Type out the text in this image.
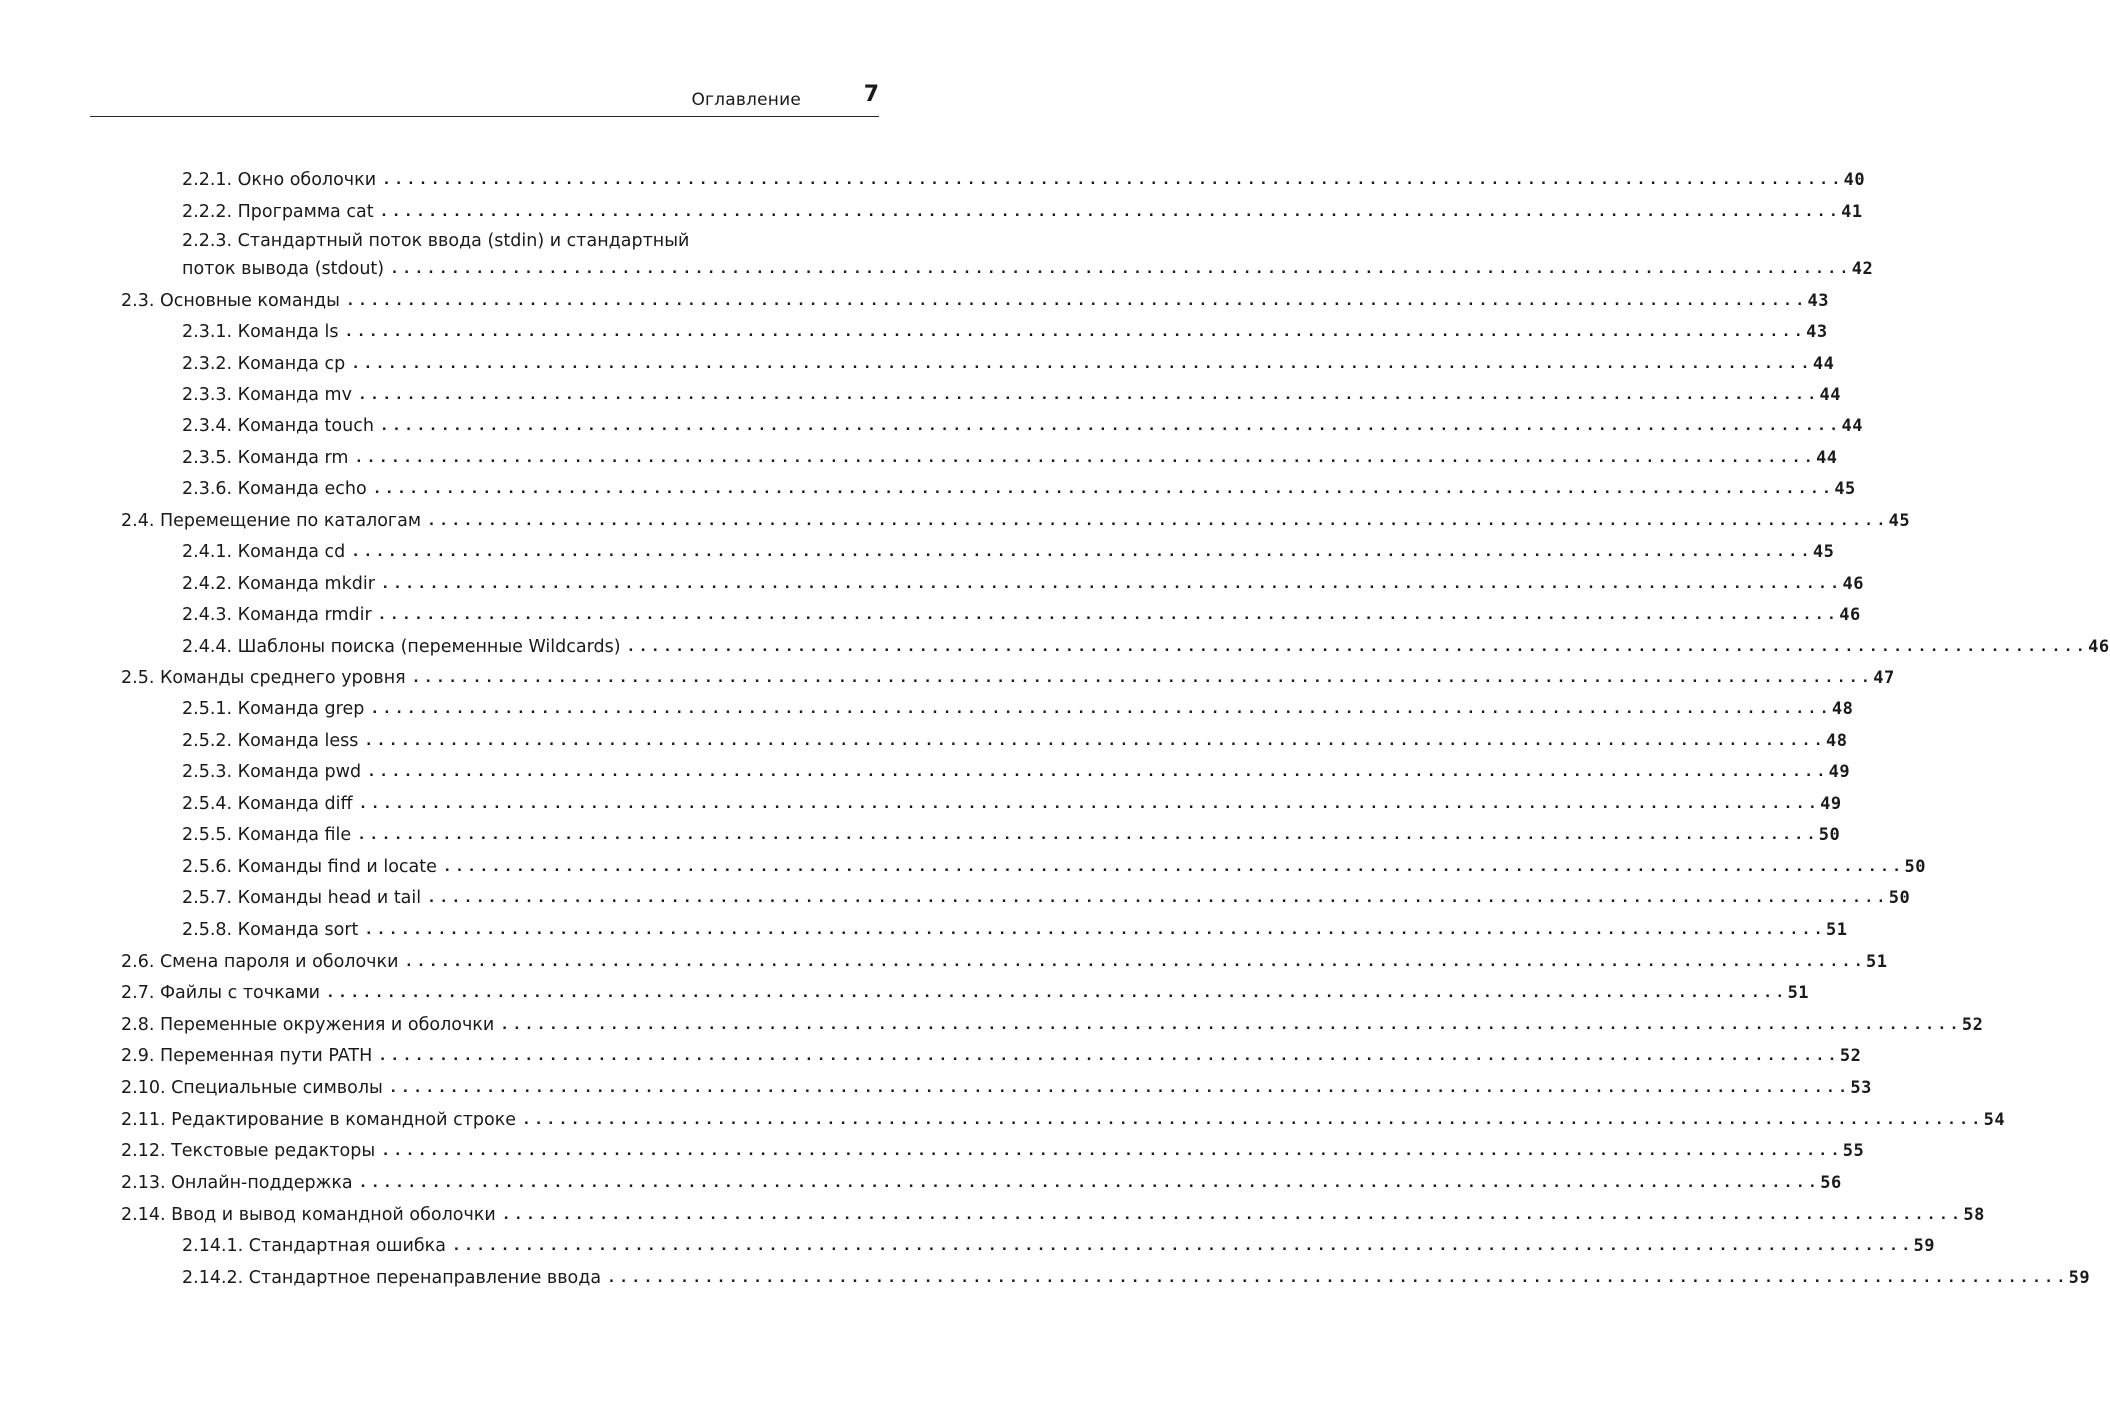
Оглавление	7
2.2.1. Окно оболочки ........................................................................................................................ 40
2.2.2. Программа cat ........................................................................................................................ 41
2.2.3. Стандартный поток ввода (stdin) и стандартный
поток вывода (stdout) ........................................................................................................................ 42
2.3. Основные команды ........................................................................................................................ 43
2.3.1. Команда ls ........................................................................................................................ 43
2.3.2. Команда cp ........................................................................................................................ 44
2.3.3. Команда mv ........................................................................................................................ 44
2.3.4. Команда touch ........................................................................................................................ 44
2.3.5. Команда rm ........................................................................................................................ 44
2.3.6. Команда echo ........................................................................................................................ 45
2.4. Перемещение по каталогам ........................................................................................................................ 45
2.4.1. Команда cd ........................................................................................................................ 45
2.4.2. Команда mkdir ........................................................................................................................ 46
2.4.3. Команда rmdir ........................................................................................................................ 46
2.4.4. Шаблоны поиска (переменные Wildcards) ........................................................................................................................ 46
2.5. Команды среднего уровня ........................................................................................................................ 47
2.5.1. Команда grep ........................................................................................................................ 48
2.5.2. Команда less ........................................................................................................................ 48
2.5.3. Команда pwd ........................................................................................................................ 49
2.5.4. Команда diff ........................................................................................................................ 49
2.5.5. Команда file ........................................................................................................................ 50
2.5.6. Команды find и locate ........................................................................................................................ 50
2.5.7. Команды head и tail ........................................................................................................................ 50
2.5.8. Команда sort ........................................................................................................................ 51
2.6. Смена пароля и оболочки ........................................................................................................................ 51
2.7. Файлы с точками ........................................................................................................................ 51
2.8. Переменные окружения и оболочки ........................................................................................................................ 52
2.9. Переменная пути PATH ........................................................................................................................ 52
2.10. Специальные символы ........................................................................................................................ 53
2.11. Редактирование в командной строке ........................................................................................................................ 54
2.12. Текстовые редакторы ........................................................................................................................ 55
2.13. Онлайн-поддержка ........................................................................................................................ 56
2.14. Ввод и вывод командной оболочки ........................................................................................................................ 58
2.14.1. Стандартная ошибка ........................................................................................................................ 59
2.14.2. Стандартное перенаправление ввода ........................................................................................................................ 59
